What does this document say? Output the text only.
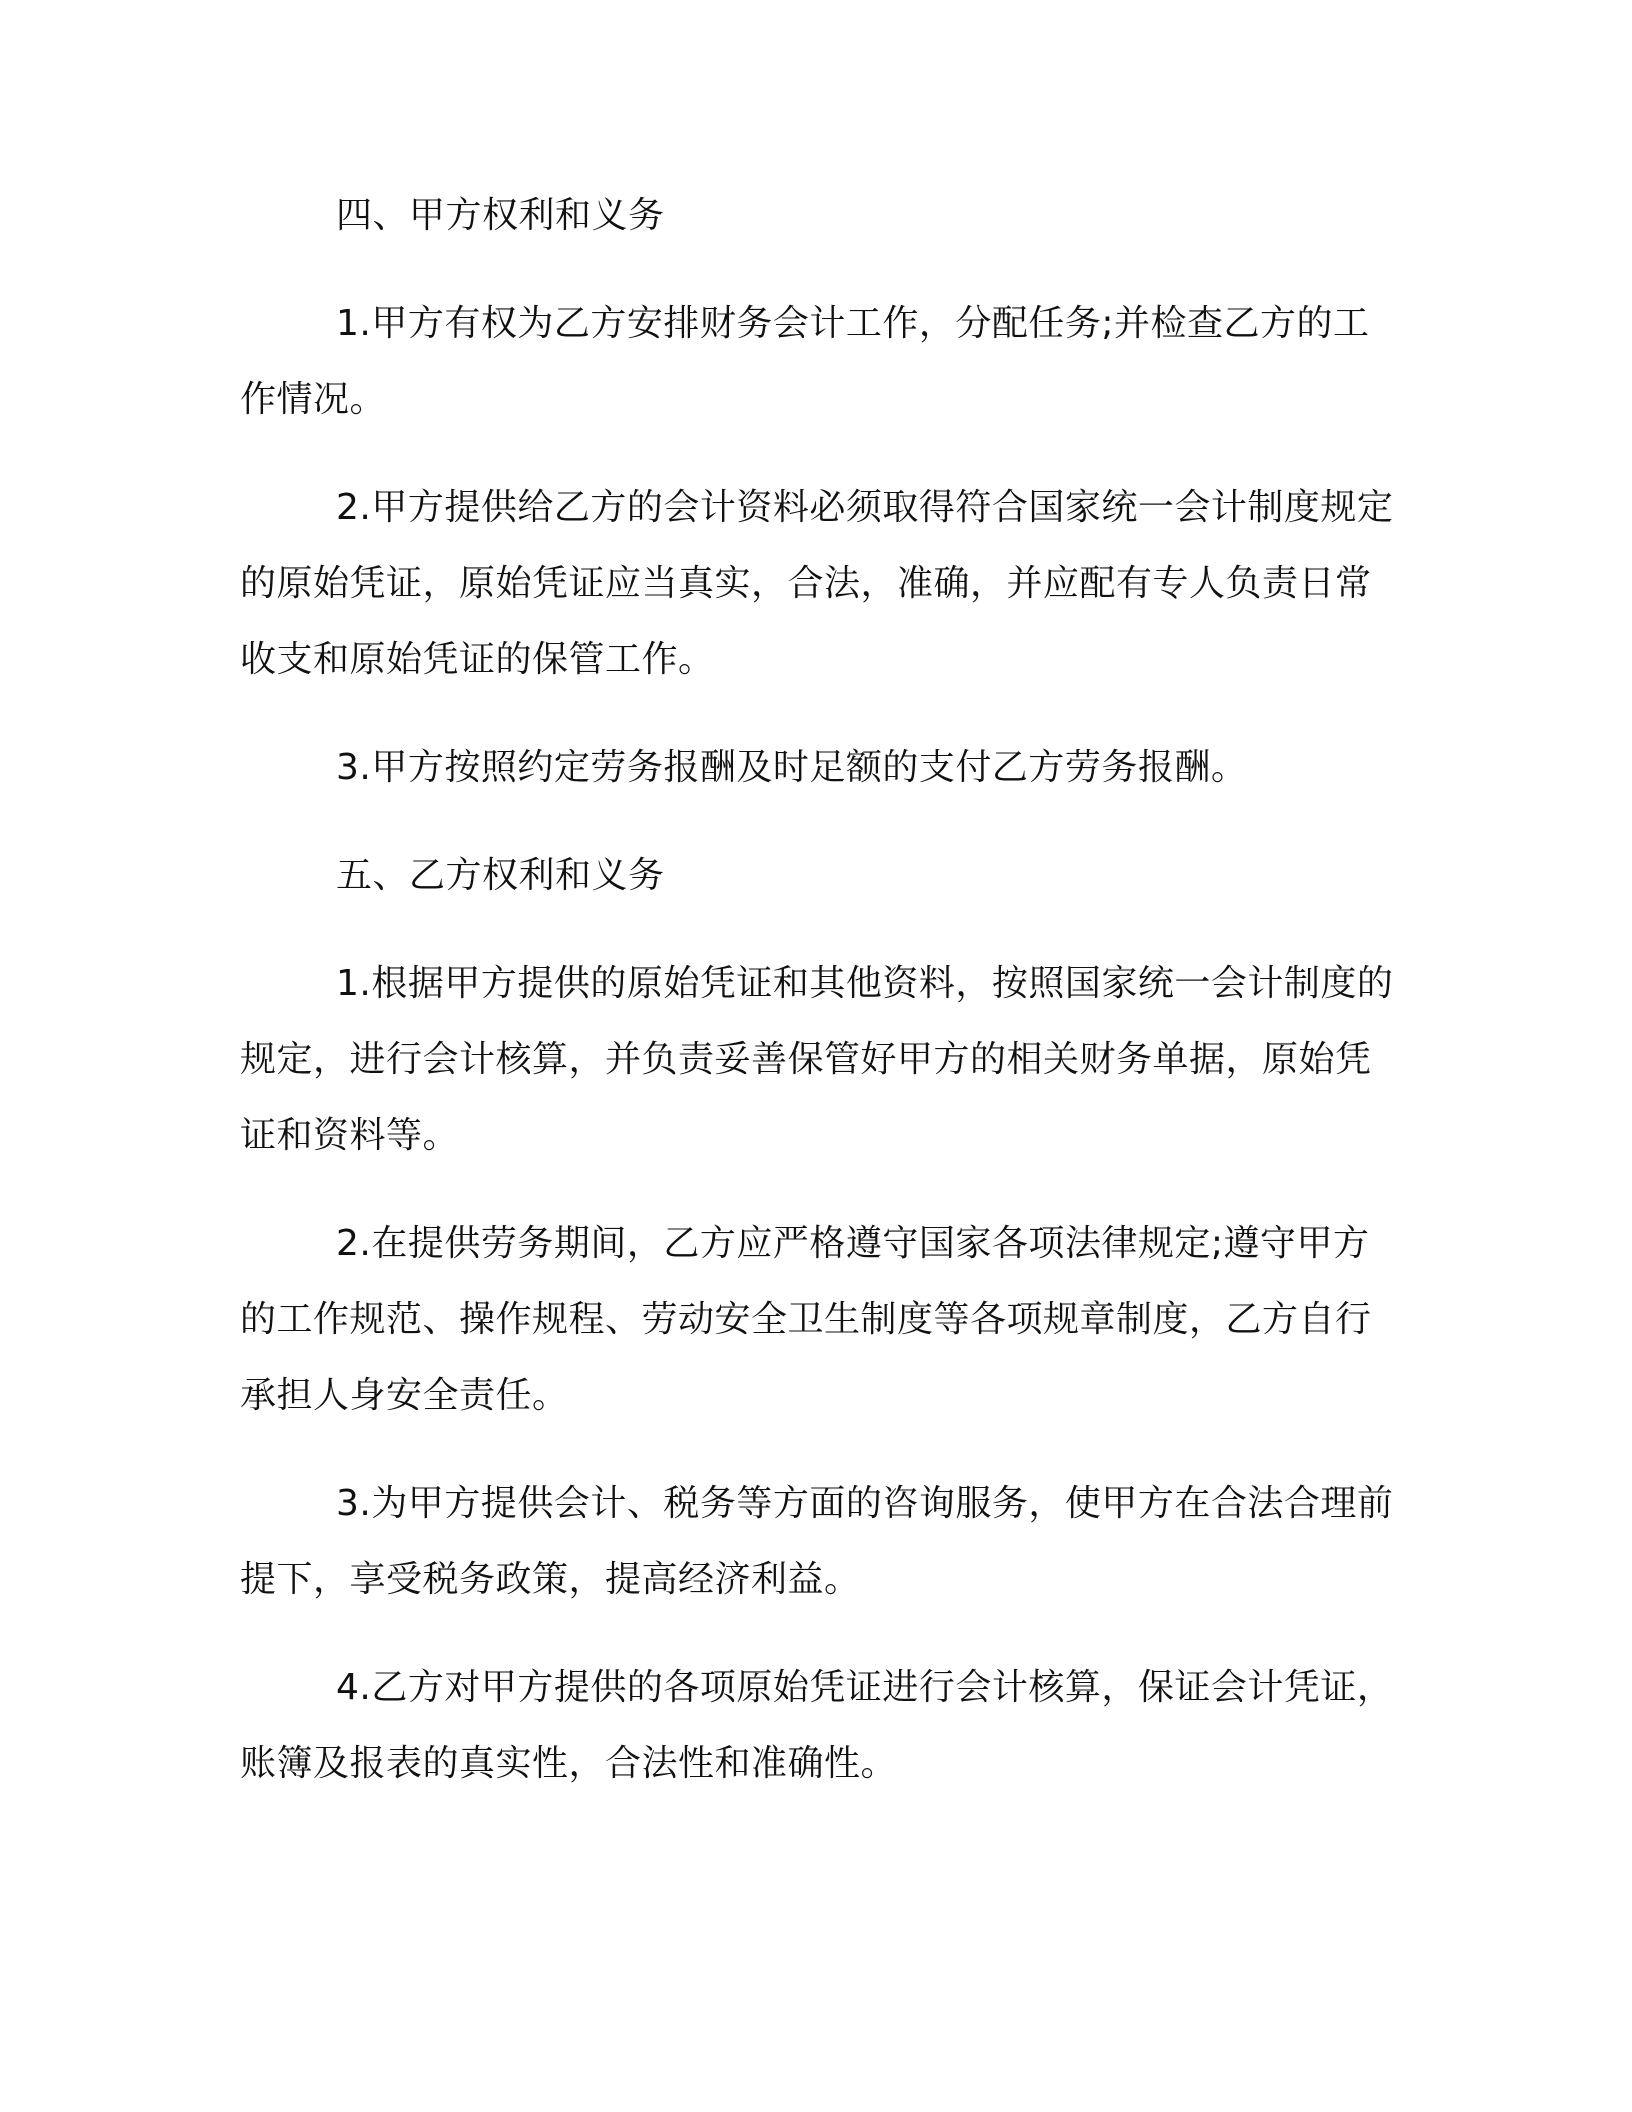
四、甲方权利和义务

1.甲方有权为乙方安排财务会计工作，分配任务;并检查乙方的工作情况。

2.甲方提供给乙方的会计资料必须取得符合国家统一会计制度规定的原始凭证，原始凭证应当真实，合法，准确，并应配有专人负责日常收支和原始凭证的保管工作。

3.甲方按照约定劳务报酬及时足额的支付乙方劳务报酬。

五、乙方权利和义务

1.根据甲方提供的原始凭证和其他资料，按照国家统一会计制度的规定，进行会计核算，并负责妥善保管好甲方的相关财务单据，原始凭证和资料等。

2.在提供劳务期间，乙方应严格遵守国家各项法律规定;遵守甲方的工作规范、操作规程、劳动安全卫生制度等各项规章制度，乙方自行承担人身安全责任。

3.为甲方提供会计、税务等方面的咨询服务，使甲方在合法合理前提下，享受税务政策，提高经济利益。

4.乙方对甲方提供的各项原始凭证进行会计核算，保证会计凭证，账簿及报表的真实性，合法性和准确性。
